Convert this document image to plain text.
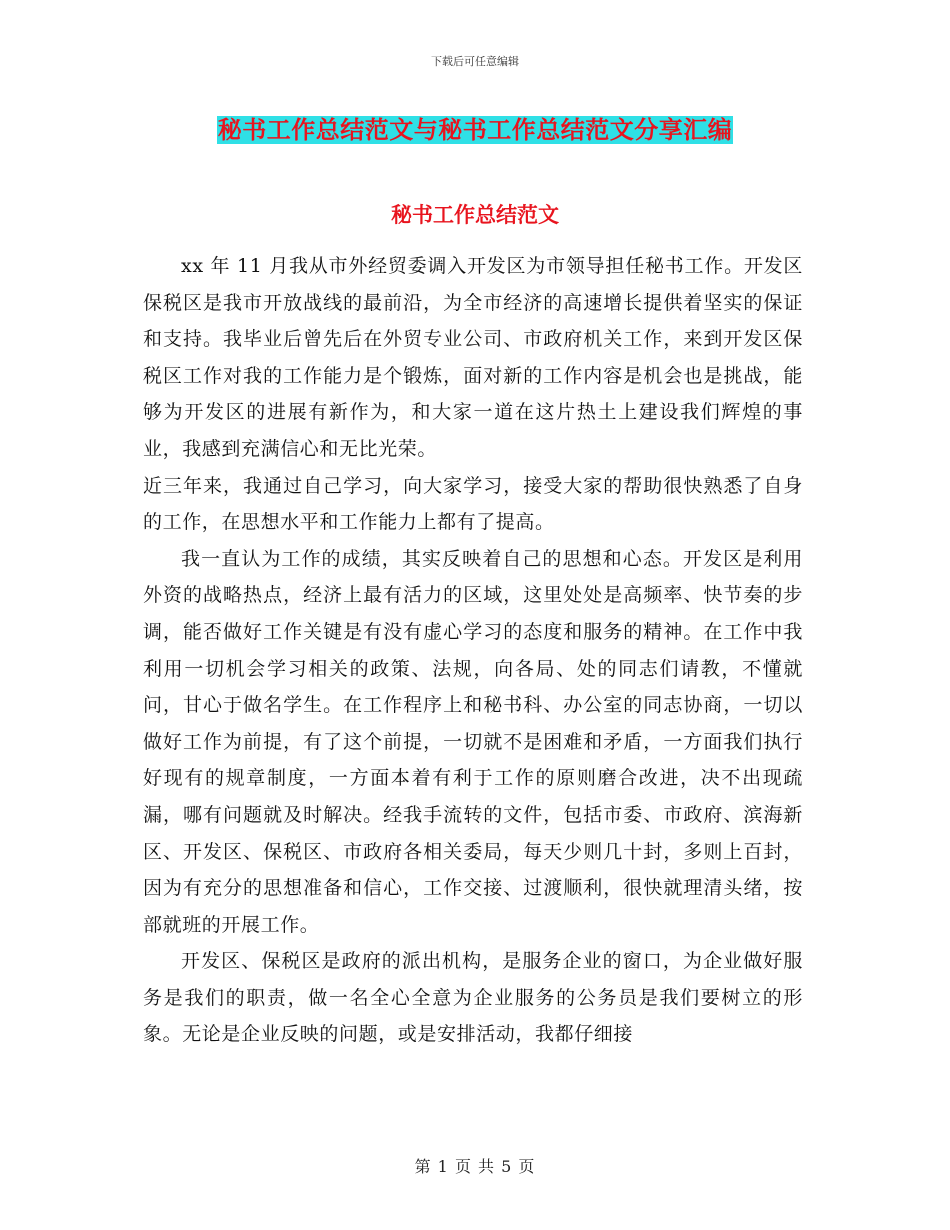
下载后可任意编辑
秘书工作总结范文与秘书工作总结范文分享汇编
秘书工作总结范文

xx 年 11 月我从市外经贸委调入开发区为市领导担任秘书工作。开发区保税区是我市开放战线的最前沿，为全市经济的高速增长提供着坚实的保证和支持。我毕业后曾先后在外贸专业公司、市政府机关工作，来到开发区保税区工作对我的工作能力是个锻炼，面对新的工作内容是机会也是挑战，能够为开发区的进展有新作为，和大家一道在这片热土上建设我们辉煌的事业，我感到充满信心和无比光荣。

近三年来，我通过自己学习，向大家学习，接受大家的帮助很快熟悉了自身的工作，在思想水平和工作能力上都有了提高。

我一直认为工作的成绩，其实反映着自己的思想和心态。开发区是利用外资的战略热点，经济上最有活力的区域，这里处处是高频率、快节奏的步调，能否做好工作关键是有没有虚心学习的态度和服务的精神。在工作中我利用一切机会学习相关的政策、法规，向各局、处的同志们请教，不懂就问，甘心于做名学生。在工作程序上和秘书科、办公室的同志协商，一切以做好工作为前提，有了这个前提，一切就不是困难和矛盾，一方面我们执行好现有的规章制度，一方面本着有利于工作的原则磨合改进，决不出现疏漏，哪有问题就及时解决。经我手流转的文件，包括市委、市政府、滨海新区、开发区、保税区、市政府各相关委局，每天少则几十封，多则上百封，因为有充分的思想准备和信心，工作交接、过渡顺利，很快就理清头绪，按部就班的开展工作。

开发区、保税区是政府的派出机构，是服务企业的窗口，为企业做好服务是我们的职责，做一名全心全意为企业服务的公务员是我们要树立的形象。无论是企业反映的问题，或是安排活动，我都仔细接

第 1 页 共 5 页
